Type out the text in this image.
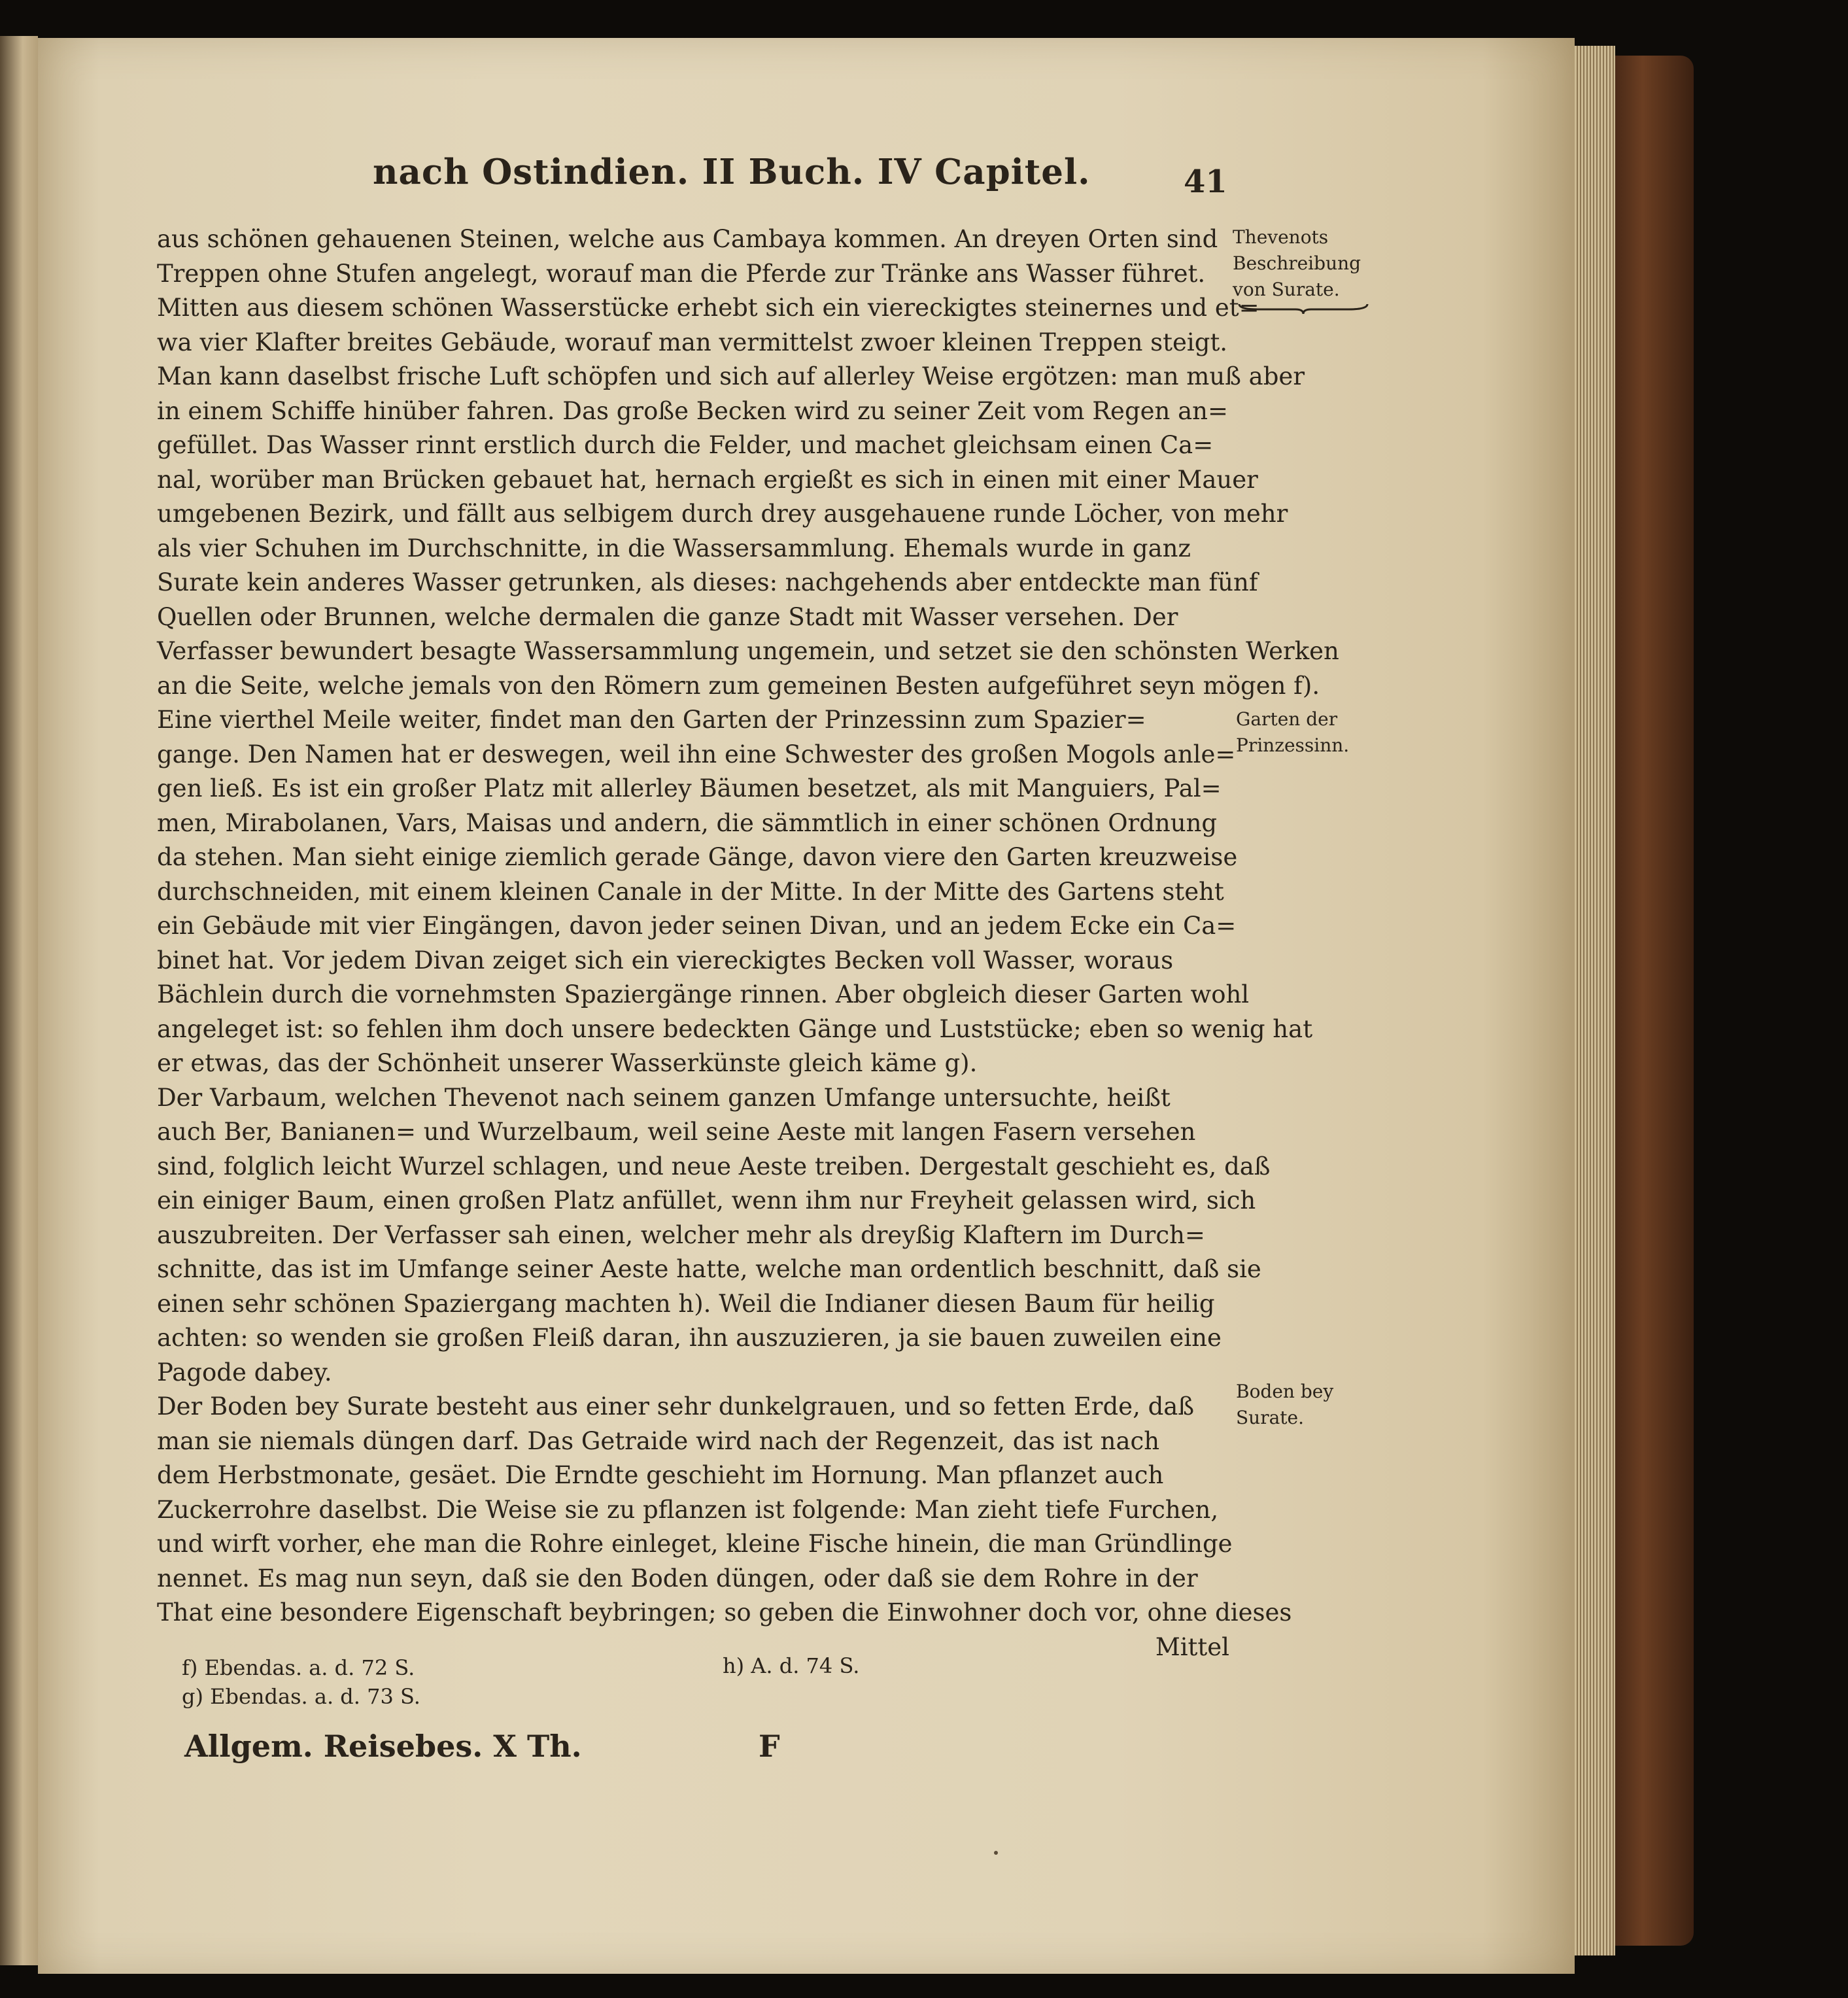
nach Ostindien. II Buch. IV Capitel.	41
aus schönen gehauenen Steinen, welche aus Cambaya kommen. An dreyen Orten sind
Treppen ohne Stufen angelegt, worauf man die Pferde zur Tränke ans Wasser führet.
Mitten aus diesem schönen Wasserstücke erhebt sich ein viereckigtes steinernes und et=
wa vier Klafter breites Gebäude, worauf man vermittelst zwoer kleinen Treppen steigt.
Man kann daselbst frische Luft schöpfen und sich auf allerley Weise ergötzen: man muß aber
in einem Schiffe hinüber fahren. Das große Becken wird zu seiner Zeit vom Regen an=
gefüllet. Das Wasser rinnt erstlich durch die Felder, und machet gleichsam einen Ca=
nal, worüber man Brücken gebauet hat, hernach ergießt es sich in einen mit einer Mauer
umgebenen Bezirk, und fällt aus selbigem durch drey ausgehauene runde Löcher, von mehr
als vier Schuhen im Durchschnitte, in die Wassersammlung. Ehemals wurde in ganz
Surate kein anderes Wasser getrunken, als dieses: nachgehends aber entdeckte man fünf
Quellen oder Brunnen, welche dermalen die ganze Stadt mit Wasser versehen. Der
Verfasser bewundert besagte Wassersammlung ungemein, und setzet sie den schönsten Werken
an die Seite, welche jemals von den Römern zum gemeinen Besten aufgeführet seyn mögen f).
Eine vierthel Meile weiter, findet man den Garten der Prinzessinn zum Spazier=
gange. Den Namen hat er deswegen, weil ihn eine Schwester des großen Mogols anle=
gen ließ. Es ist ein großer Platz mit allerley Bäumen besetzet, als mit Manguiers, Pal=
men, Mirabolanen, Vars, Maisas und andern, die sämmtlich in einer schönen Ordnung
da stehen. Man sieht einige ziemlich gerade Gänge, davon viere den Garten kreuzweise
durchschneiden, mit einem kleinen Canale in der Mitte. In der Mitte des Gartens steht
ein Gebäude mit vier Eingängen, davon jeder seinen Divan, und an jedem Ecke ein Ca=
binet hat. Vor jedem Divan zeiget sich ein viereckigtes Becken voll Wasser, woraus
Bächlein durch die vornehmsten Spaziergänge rinnen. Aber obgleich dieser Garten wohl
angeleget ist: so fehlen ihm doch unsere bedeckten Gänge und Luststücke; eben so wenig hat
er etwas, das der Schönheit unserer Wasserkünste gleich käme g).
Der Varbaum, welchen Thevenot nach seinem ganzen Umfange untersuchte, heißt
auch Ber, Banianen= und Wurzelbaum, weil seine Aeste mit langen Fasern versehen
sind, folglich leicht Wurzel schlagen, und neue Aeste treiben. Dergestalt geschieht es, daß
ein einiger Baum, einen großen Platz anfüllet, wenn ihm nur Freyheit gelassen wird, sich
auszubreiten. Der Verfasser sah einen, welcher mehr als dreyßig Klaftern im Durch=
schnitte, das ist im Umfange seiner Aeste hatte, welche man ordentlich beschnitt, daß sie
einen sehr schönen Spaziergang machten h). Weil die Indianer diesen Baum für heilig
achten: so wenden sie großen Fleiß daran, ihn auszuzieren, ja sie bauen zuweilen eine
Pagode dabey.
Der Boden bey Surate besteht aus einer sehr dunkelgrauen, und so fetten Erde, daß
man sie niemals düngen darf. Das Getraide wird nach der Regenzeit, das ist nach
dem Herbstmonate, gesäet. Die Erndte geschieht im Hornung. Man pflanzet auch
Zuckerrohre daselbst. Die Weise sie zu pflanzen ist folgende: Man zieht tiefe Furchen,
und wirft vorher, ehe man die Rohre einleget, kleine Fische hinein, die man Gründlinge
nennet. Es mag nun seyn, daß sie den Boden düngen, oder daß sie dem Rohre in der
That eine besondere Eigenschaft beybringen; so geben die Einwohner doch vor, ohne dieses
Mittel
Thevenots
Beschreibung
von Surate.
Garten der
Prinzessinn.
Boden bey
Surate.
f) Ebendas. a. d. 72 S.
g) Ebendas. a. d. 73 S.
h) A. d. 74 S.
Allgem. Reisebes. X Th.	F
